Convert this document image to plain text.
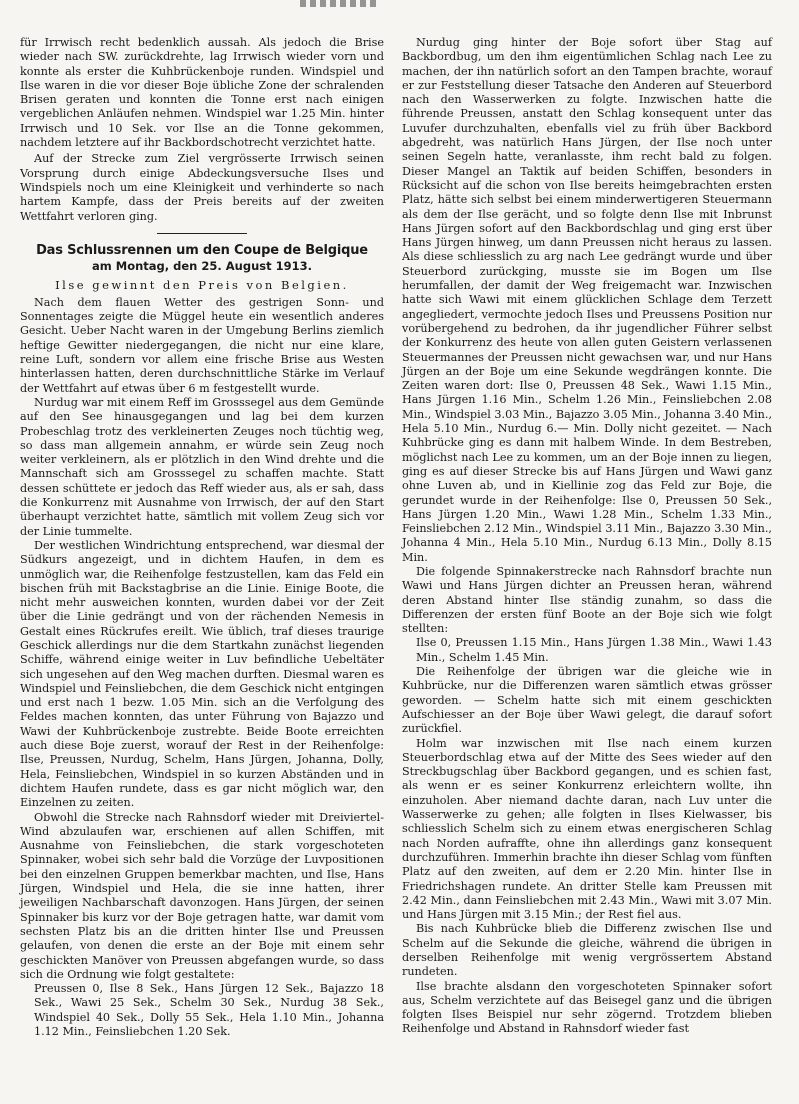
für Irrwisch recht bedenklich aussah. Als jedoch die Brise wieder nach SW. zurückdrehte, lag Irrwisch wieder vorn und konnte als erster die Kuhbrückenboje runden. Windspiel und Ilse waren in die vor dieser Boje übliche Zone der schralenden Brisen geraten und konnten die Tonne erst nach einigen vergeblichen Anläufen nehmen. Windspiel war 1.25 Min. hinter Irrwisch und 10 Sek. vor Ilse an die Tonne gekommen, nachdem letztere auf ihr Backbordschotrecht verzichtet hatte.

Auf der Strecke zum Ziel vergrösserte Irrwisch seinen Vorsprung durch einige Abdeckungsversuche Ilses und Windspiels noch um eine Kleinigkeit und verhinderte so nach hartem Kampfe, dass der Preis bereits auf der zweiten Wettfahrt verloren ging.

Das Schlussrennen um den Coupe de Belgique
am Montag, den 25. August 1913.
Ilse gewinnt den Preis von Belgien.

Nach dem flauen Wetter des gestrigen Sonn- und Sonnentages zeigte die Müggel heute ein wesentlich anderes Gesicht. Ueber Nacht waren in der Umgebung Berlins ziemlich heftige Gewitter niedergegangen, die nicht nur eine klare, reine Luft, sondern vor allem eine frische Brise aus Westen hinterlassen hatten, deren durchschnittliche Stärke im Verlauf der Wettfahrt auf etwas über 6 m festgestellt wurde.

Nurdug war mit einem Reff im Grosssegel aus dem Gemünde auf den See hinausgegangen und lag bei dem kurzen Probeschlag trotz des verkleinerten Zeuges noch tüchtig weg, so dass man allgemein annahm, er würde sein Zeug noch weiter verkleinern, als er plötzlich in den Wind drehte und die Mannschaft sich am Grosssegel zu schaffen machte. Statt dessen schüttete er jedoch das Reff wieder aus, als er sah, dass die Konkurrenz mit Ausnahme von Irrwisch, der auf den Start überhaupt verzichtet hatte, sämtlich mit vollem Zeug sich vor der Linie tummelte.

Der westlichen Windrichtung entsprechend, war diesmal der Südkurs angezeigt, und in dichtem Haufen, in dem es unmöglich war, die Reihenfolge festzustellen, kam das Feld ein bischen früh mit Backstagbrise an die Linie. Einige Boote, die nicht mehr ausweichen konnten, wurden dabei vor der Zeit über die Linie gedrängt und von der rächenden Nemesis in Gestalt eines Rückrufes ereilt. Wie üblich, traf dieses traurige Geschick allerdings nur die dem Startkahn zunächst liegenden Schiffe, während einige weiter in Luv befindliche Uebeltäter sich ungesehen auf den Weg machen durften. Diesmal waren es Windspiel und Feinsliebchen, die dem Geschick nicht entgingen und erst nach 1 bezw. 1.05 Min. sich an die Verfolgung des Feldes machen konnten, das unter Führung von Bajazzo und Wawi der Kuhbrückenboje zustrebte. Beide Boote erreichten auch diese Boje zuerst, worauf der Rest in der Reihenfolge: Ilse, Preussen, Nurdug, Schelm, Hans Jürgen, Johanna, Dolly, Hela, Feinsliebchen, Windspiel in so kurzen Abständen und in dichtem Haufen rundete, dass es gar nicht möglich war, den Einzelnen zu zeiten.

Obwohl die Strecke nach Rahnsdorf wieder mit Dreiviertel-Wind abzulaufen war, erschienen auf allen Schiffen, mit Ausnahme von Feinsliebchen, die stark vorgeschoteten Spinnaker, wobei sich sehr bald die Vorzüge der Luvpositionen bei den einzelnen Gruppen bemerkbar machten, und Ilse, Hans Jürgen, Windspiel und Hela, die sie inne hatten, ihrer jeweiligen Nachbarschaft davonzogen. Hans Jürgen, der seinen Spinnaker bis kurz vor der Boje getragen hatte, war damit vom sechsten Platz bis an die dritten hinter Ilse und Preussen gelaufen, von denen die erste an der Boje mit einem sehr geschickten Manöver von Preussen abgefangen wurde, so dass sich die Ordnung wie folgt gestaltete:

Preussen 0, Ilse 8 Sek., Hans Jürgen 12 Sek., Bajazzo 18 Sek., Wawi 25 Sek., Schelm 30 Sek., Nurdug 38 Sek., Windspiel 40 Sek., Dolly 55 Sek., Hela 1.10 Min., Johanna 1.12 Min., Feinsliebchen 1.20 Sek.

Nurdug ging hinter der Boje sofort über Stag auf Backbordbug, um den ihm eigentümlichen Schlag nach Lee zu machen, der ihn natürlich sofort an den Tampen brachte, worauf er zur Feststellung dieser Tatsache den Anderen auf Steuerbord nach den Wasserwerken zu folgte. Inzwischen hatte die führende Preussen, anstatt den Schlag konsequent unter das Luvufer durchzuhalten, ebenfalls viel zu früh über Backbord abgedreht, was natürlich Hans Jürgen, der Ilse noch unter seinen Segeln hatte, veranlasste, ihm recht bald zu folgen. Dieser Mangel an Taktik auf beiden Schiffen, besonders in Rücksicht auf die schon von Ilse bereits heimgebrachten ersten Platz, hätte sich selbst bei einem minderwertigeren Steuermann als dem der Ilse gerächt, und so folgte denn Ilse mit Inbrunst Hans Jürgen sofort auf den Backbordschlag und ging erst über Hans Jürgen hinweg, um dann Preussen nicht heraus zu lassen. Als diese schliesslich zu arg nach Lee gedrängt wurde und über Steuerbord zurückging, musste sie im Bogen um Ilse herumfallen, der damit der Weg freigemacht war. Inzwischen hatte sich Wawi mit einem glücklichen Schlage dem Terzett angegliedert, vermochte jedoch Ilses und Preussens Position nur vorübergehend zu bedrohen, da ihr jugendlicher Führer selbst der Konkurrenz des heute von allen guten Geistern verlassenen Steuermannes der Preussen nicht gewachsen war, und nur Hans Jürgen an der Boje um eine Sekunde wegdrängen konnte. Die Zeiten waren dort: Ilse 0, Preussen 48 Sek., Wawi 1.15 Min., Hans Jürgen 1.16 Min., Schelm 1.26 Min., Feinsliebchen 2.08 Min., Windspiel 3.03 Min., Bajazzo 3.05 Min., Johanna 3.40 Min., Hela 5.10 Min., Nurdug 6.— Min. Dolly nicht gezeitet. — Nach Kuhbrücke ging es dann mit halbem Winde. In dem Bestreben, möglichst nach Lee zu kommen, um an der Boje innen zu liegen, ging es auf dieser Strecke bis auf Hans Jürgen und Wawi ganz ohne Luven ab, und in Kiellinie zog das Feld zur Boje, die gerundet wurde in der Reihenfolge: Ilse 0, Preussen 50 Sek., Hans Jürgen 1.20 Min., Wawi 1.28 Min., Schelm 1.33 Min., Feinsliebchen 2.12 Min., Windspiel 3.11 Min., Bajazzo 3.30 Min., Johanna 4 Min., Hela 5.10 Min., Nurdug 6.13 Min., Dolly 8.15 Min.

Die folgende Spinnakerstrecke nach Rahnsdorf brachte nun Wawi und Hans Jürgen dichter an Preussen heran, während deren Abstand hinter Ilse ständig zunahm, so dass die Differenzen der ersten fünf Boote an der Boje sich wie folgt stellten:

Ilse 0, Preussen 1.15 Min., Hans Jürgen 1.38 Min., Wawi 1.43 Min., Schelm 1.45 Min.

Die Reihenfolge der übrigen war die gleiche wie in Kuhbrücke, nur die Differenzen waren sämtlich etwas grösser geworden. — Schelm hatte sich mit einem geschickten Aufschiesser an der Boje über Wawi gelegt, die darauf sofort zurückfiel.

Holm war inzwischen mit Ilse nach einem kurzen Steuerbordschlag etwa auf der Mitte des Sees wieder auf den Streckbugschlag über Backbord gegangen, und es schien fast, als wenn er es seiner Konkurrenz erleichtern wollte, ihn einzuholen. Aber niemand dachte daran, nach Luv unter die Wasserwerke zu gehen; alle folgten in Ilses Kielwasser, bis schliesslich Schelm sich zu einem etwas energischeren Schlag nach Norden aufraffte, ohne ihn allerdings ganz konsequent durchzuführen. Immerhin brachte ihn dieser Schlag vom fünften Platz auf den zweiten, auf dem er 2.20 Min. hinter Ilse in Friedrichshagen rundete. An dritter Stelle kam Preussen mit 2.42 Min., dann Feinsliebchen mit 2.43 Min., Wawi mit 3.07 Min. und Hans Jürgen mit 3.15 Min.; der Rest fiel aus.

Bis nach Kuhbrücke blieb die Differenz zwischen Ilse und Schelm auf die Sekunde die gleiche, während die übrigen in derselben Reihenfolge mit wenig vergrössertem Abstand rundeten.

Ilse brachte alsdann den vorgeschoteten Spinnaker sofort aus, Schelm verzichtete auf das Beisegel ganz und die übrigen folgten Ilses Beispiel nur sehr zögernd. Trotzdem blieben Reihenfolge und Abstand in Rahnsdorf wieder fast
